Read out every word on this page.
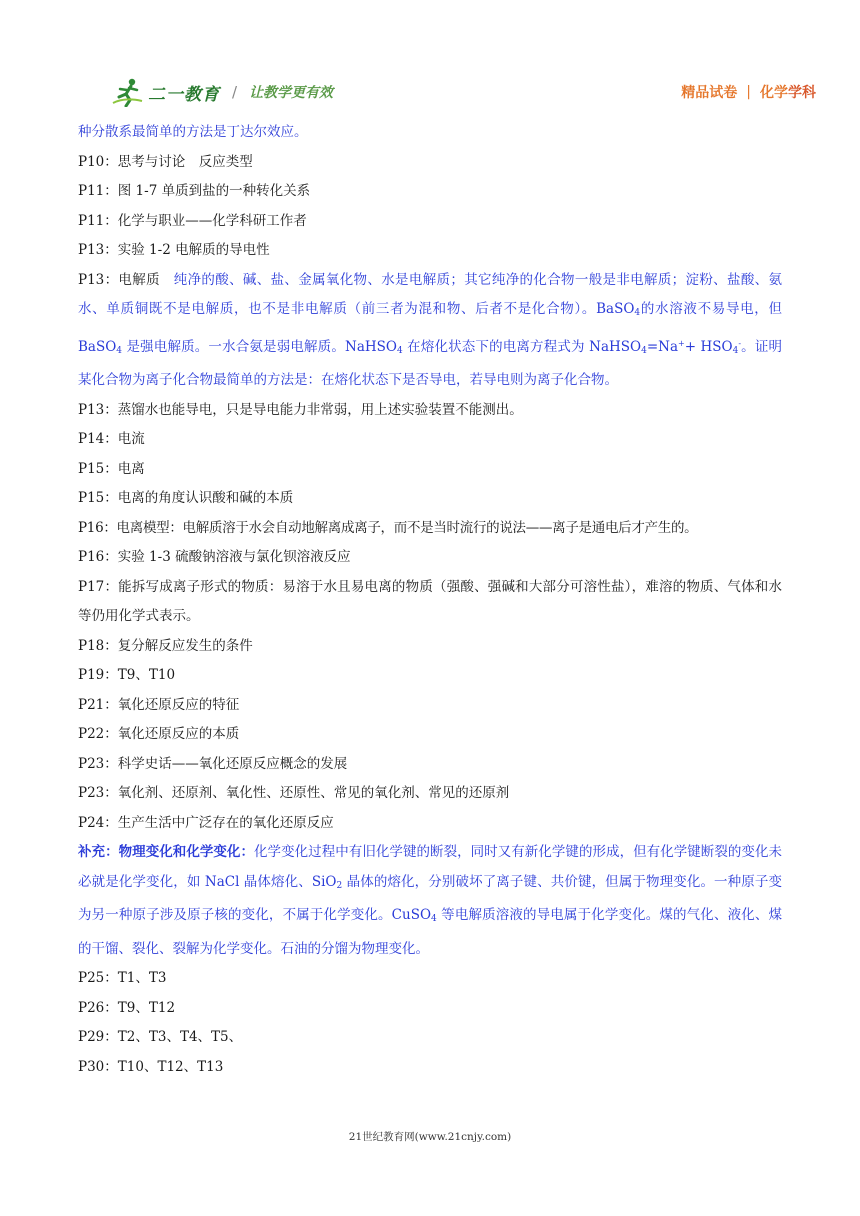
二一教育 / 让教学更有效	精品试卷 | 化学 学科

种分散系最简单的方法是丁达尔效应。

P10：思考与讨论　反应类型

P11：图 1-7 单质到盐的一种转化关系

P11：化学与职业——化学科研工作者

P13：实验 1-2 电解质的导电性

P13：电解质　纯净的酸、碱、盐、金属氧化物、水是电解质；其它纯净的化合物一般是非电解质；淀粉、盐酸、氨水、单质铜既不是电解质，也不是非电解质（前三者为混和物、后者不是化合物）。BaSO$_4$的水溶液不易导电，但 BaSO$_4$ 是强电解质。一水合氨是弱电解质。NaHSO$_4$ 在熔化状态下的电离方程式为 NaHSO$_4$=Na++ $HSO_4^-$。证明某化合物为离子化合物最简单的方法是：在熔化状态下是否导电，若导电则为离子化合物。

P13：蒸馏水也能导电，只是导电能力非常弱，用上述实验装置不能测出。

P14：电流

P15：电离

P15：电离的角度认识酸和碱的本质

P16：电离模型：电解质溶于水会自动地解离成离子，而不是当时流行的说法——离子是通电后才产生的。

P16：实验 1-3 硫酸钠溶液与氯化钡溶液反应

P17：能拆写成离子形式的物质：易溶于水且易电离的物质（强酸、强碱和大部分可溶性盐），难溶的物质、气体和水等仍用化学式表示。

P18：复分解反应发生的条件

P19：T9、T10

P21：氧化还原反应的特征

P22：氧化还原反应的本质

P23：科学史话——氧化还原反应概念的发展

P23：氧化剂、还原剂、氧化性、还原性、常见的氧化剂、常见的还原剂

P24：生产生活中广泛存在的氧化还原反应

补充：物理变化和化学变化：化学变化过程中有旧化学键的断裂，同时又有新化学键的形成，但有化学键断裂的变化未必就是化学变化，如 NaCl 晶体熔化、SiO$_2$ 晶体的熔化，分别破坏了离子键、共价键，但属于物理变化。一种原子变为另一种原子涉及原子核的变化，不属于化学变化。CuSO$_4$ 等电解质溶液的导电属于化学变化。煤的气化、液化、煤的干馏、裂化、裂解为化学变化。石油的分馏为物理变化。

P25：T1、T3

P26：T9、T12

P29：T2、T3、T4、T5、

P30：T10、T12、T13

21世纪教育网(www.21cnjy.com)
